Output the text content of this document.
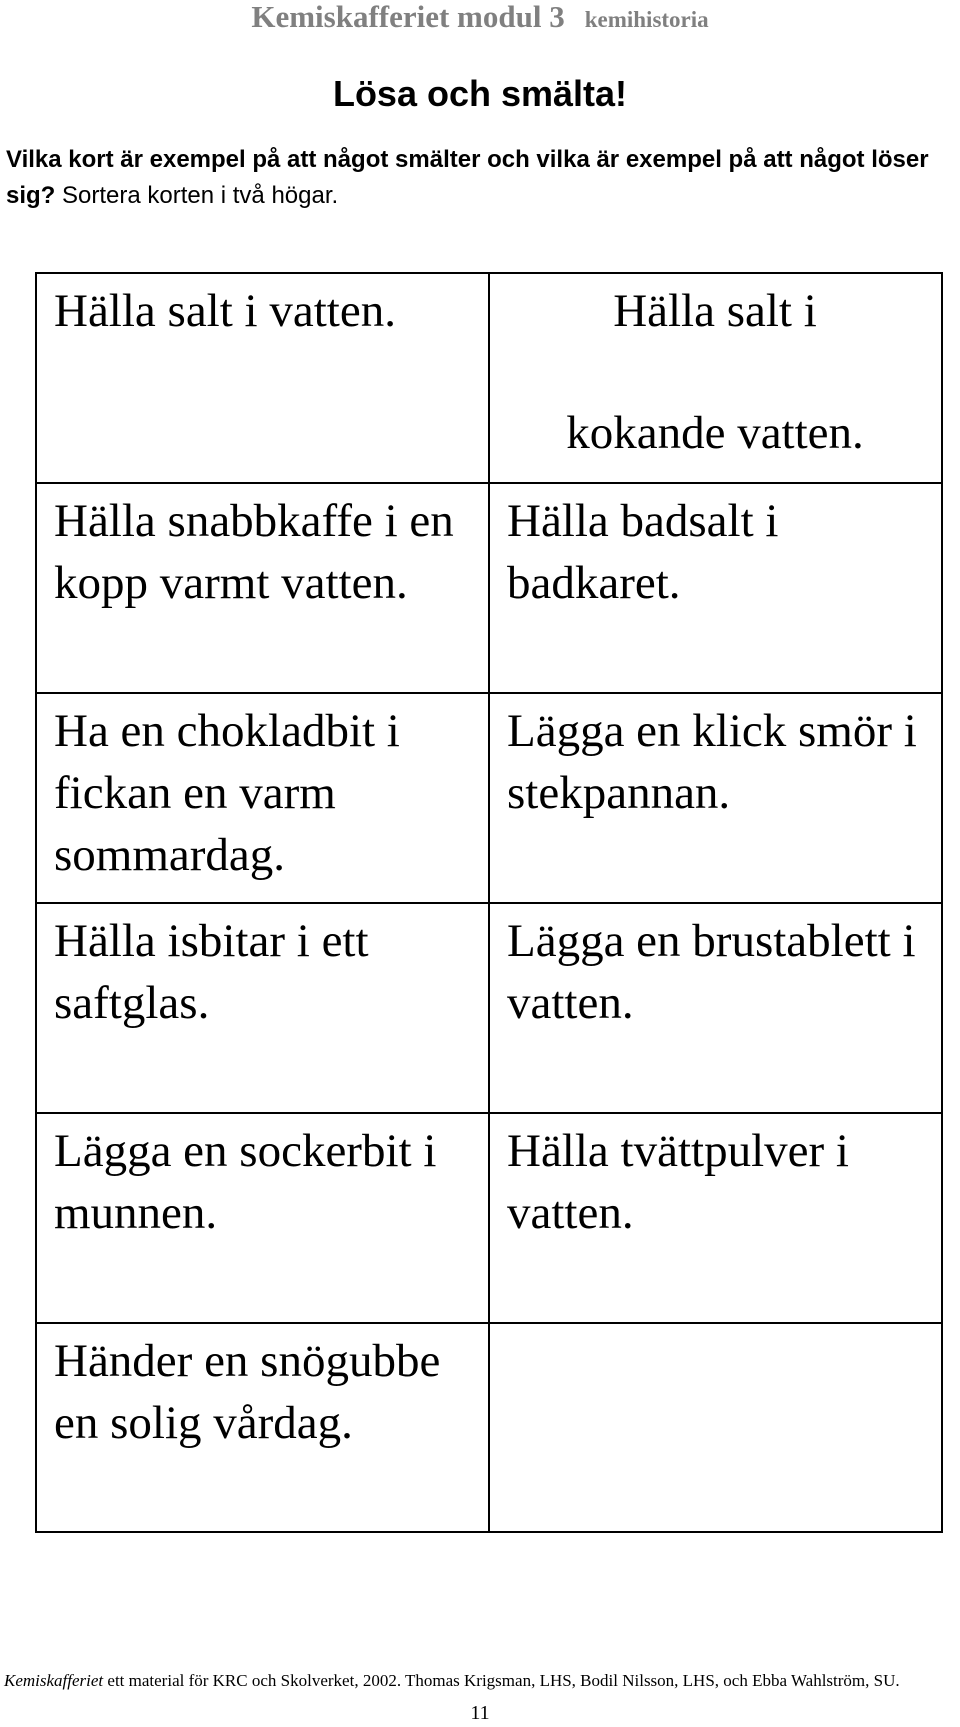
Kemiskafferiet modul 3 kemihistoria
Lösa och smälta!
Vilka kort är exempel på att något smälter och vilka är exempel på att något löser sig? Sortera korten i två högar.
Hälla salt i vatten.
Hälla snabbkaffe i en kopp varmt vatten.
Ha en chokladbit i fickan en varm sommardag.
Hälla isbitar i ett saftglas.
Lägga en sockerbit i munnen.
Händer en snögubbe en solig vårdag.
Hälla salt i
kokande vatten.
Hälla badsalt i badkaret.
Lägga en klick smör i stekpannan.
Lägga en brustablett i vatten.
Hälla tvättpulver i vatten.
Kemiskafferiet ett material för KRC och Skolverket, 2002. Thomas Krigsman, LHS, Bodil Nilsson, LHS, och Ebba Wahlström, SU.
11
